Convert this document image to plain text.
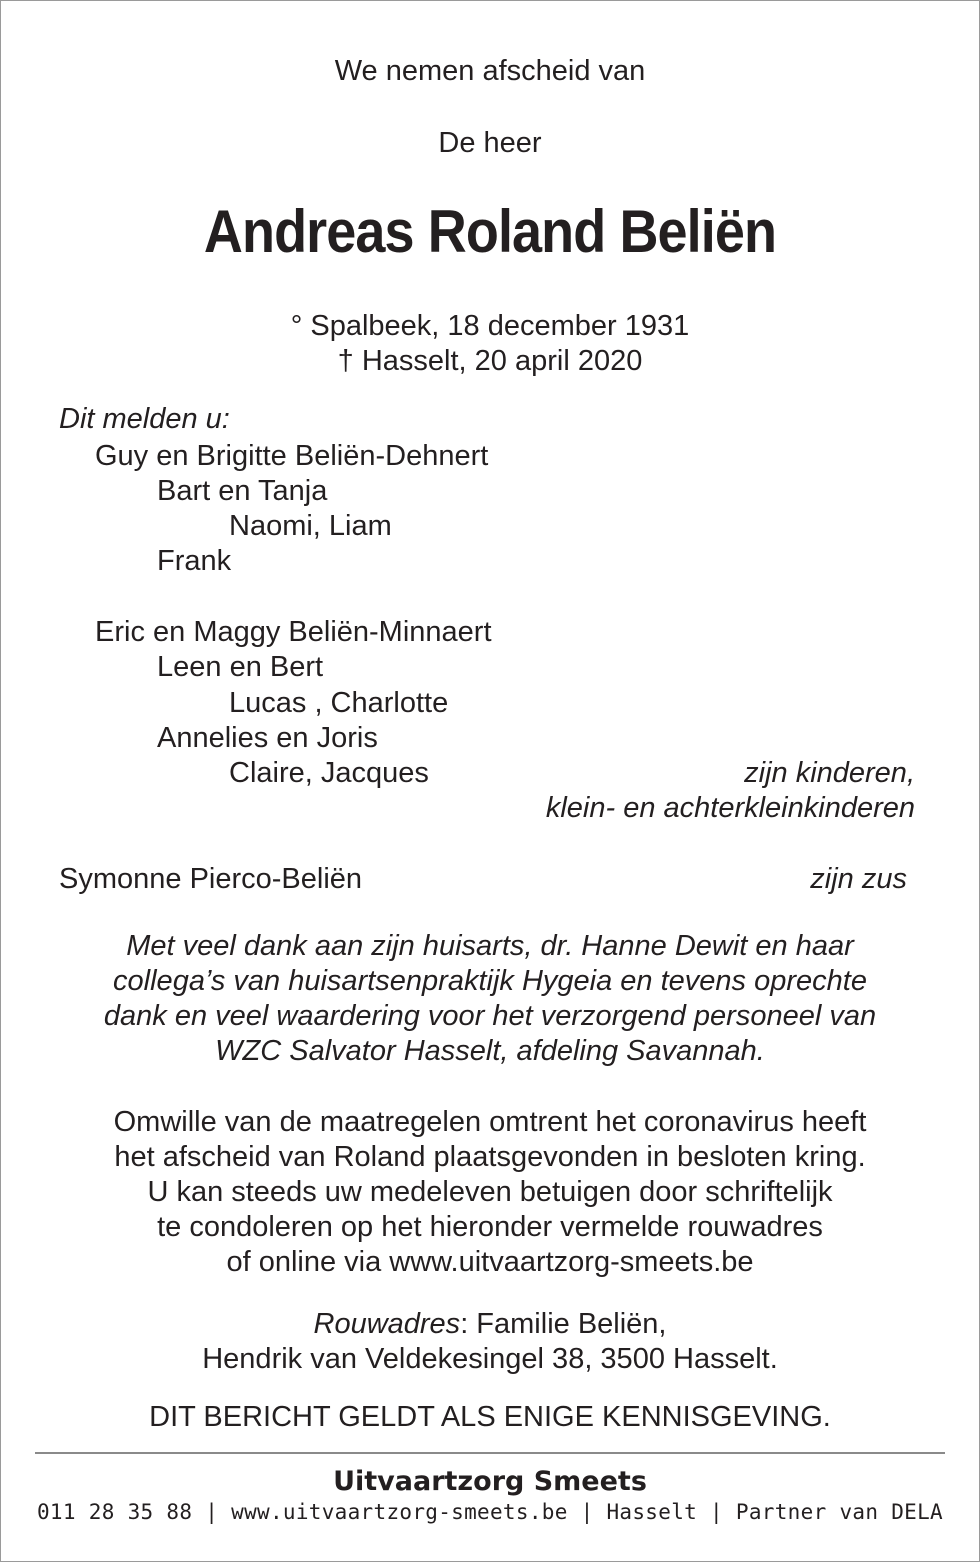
We nemen afscheid van
De heer
Andreas Roland Beliën
° Spalbeek, 18 december 1931
† Hasselt, 20 april 2020
Dit melden u:
Guy en Brigitte Beliën-Dehnert
Bart en Tanja
Naomi, Liam
Frank
Eric en Maggy Beliën-Minnaert
Leen en Bert
Lucas , Charlotte
Annelies en Joris
Claire, Jacques	zijn kinderen,
klein- en achterkleinkinderen
Symonne Pierco-Beliën	zijn zus
Met veel dank aan zijn huisarts, dr. Hanne Dewit en haar
collega’s van huisartsenpraktijk Hygeia en tevens oprechte
dank en veel waardering voor het verzorgend personeel van
WZC Salvator Hasselt, afdeling Savannah.
Omwille van de maatregelen omtrent het coronavirus heeft
het afscheid van Roland plaatsgevonden in besloten kring.
U kan steeds uw medeleven betuigen door schriftelijk
te condoleren op het hieronder vermelde rouwadres
of online via www.uitvaartzorg-smeets.be
Rouwadres: Familie Beliën,
Hendrik van Veldekesingel 38, 3500 Hasselt.
DIT BERICHT GELDT ALS ENIGE KENNISGEVING.
Uitvaartzorg Smeets
011 28 35 88 | www.uitvaartzorg-smeets.be | Hasselt | Partner van DELA
